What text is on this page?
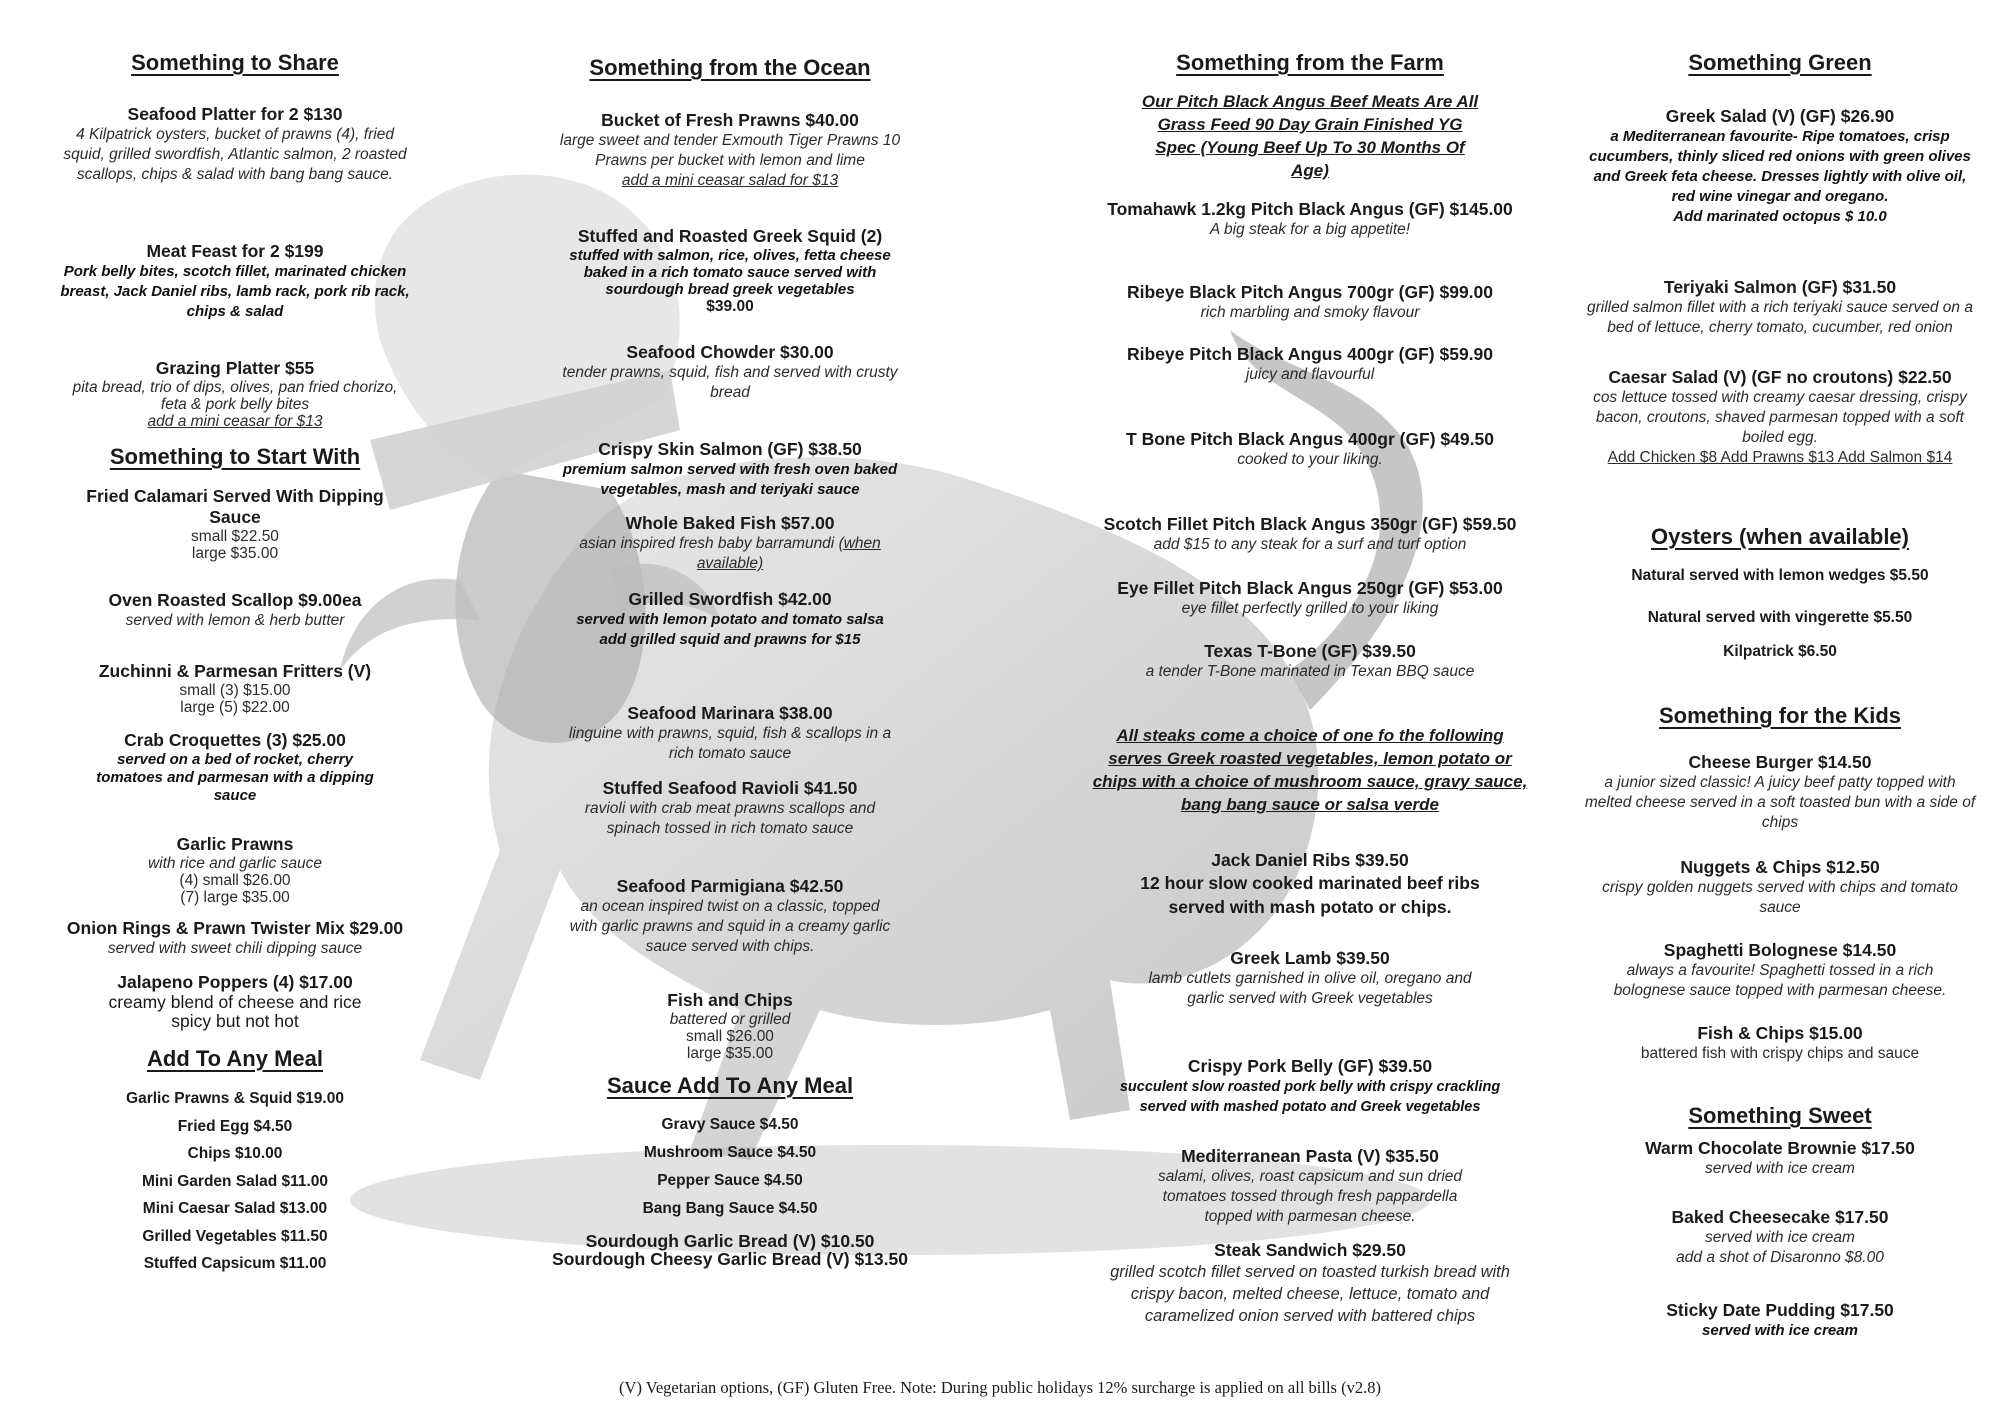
Something to Share
Seafood Platter for 2 $130
4 Kilpatrick oysters, bucket of prawns (4), fried squid, grilled swordfish, Atlantic salmon, 2 roasted scallops, chips & salad with bang bang sauce.
Meat Feast for 2 $199
Pork belly bites, scotch fillet, marinated chicken breast, Jack Daniel ribs, lamb rack, pork rib rack, chips & salad
Grazing Platter $55
pita bread, trio of dips, olives, pan fried chorizo, feta & pork belly bites
add a mini ceasar for $13
Something to Start With
Fried Calamari Served With Dipping Sauce
small $22.50
large $35.00
Oven Roasted Scallop $9.00ea
served with lemon & herb butter
Zuchinni & Parmesan Fritters (V)
small (3) $15.00
large (5) $22.00
Crab Croquettes (3) $25.00
served on a bed of rocket, cherry tomatoes and parmesan with a dipping sauce
Garlic Prawns
with rice and garlic sauce
(4) small $26.00
(7) large $35.00
Onion Rings & Prawn Twister Mix $29.00
served with sweet chili dipping sauce
Jalapeno Poppers (4) $17.00
creamy blend of cheese and rice spicy but not hot
Add To Any Meal
Garlic Prawns & Squid $19.00
Fried Egg $4.50
Chips $10.00
Mini Garden Salad $11.00
Mini Caesar Salad $13.00
Grilled Vegetables $11.50
Stuffed Capsicum $11.00
Something from the Ocean
Bucket of Fresh Prawns $40.00
large sweet and tender Exmouth Tiger Prawns 10 Prawns per bucket with lemon and lime
add a mini ceasar salad for $13
Stuffed and Roasted Greek Squid (2)
stuffed with salmon, rice, olives, fetta cheese baked in a rich tomato sauce served with sourdough bread greek vegetables
$39.00
Seafood Chowder $30.00
tender prawns, squid, fish and served with crusty bread
Crispy Skin Salmon (GF) $38.50
premium salmon served with fresh oven baked vegetables, mash and teriyaki sauce
Whole Baked Fish $57.00
asian inspired fresh baby barramundi (when available)
Grilled Swordfish $42.00
served with lemon potato and tomato salsa
add grilled squid and prawns for $15
Seafood Marinara $38.00
linguine with prawns, squid, fish & scallops in a rich tomato sauce
Stuffed Seafood Ravioli $41.50
ravioli with crab meat prawns scallops and spinach tossed in rich tomato sauce
Seafood Parmigiana $42.50
an ocean inspired twist on a classic, topped with garlic prawns and squid in a creamy garlic sauce served with chips.
Fish and Chips
battered or grilled
small $26.00
large $35.00
Sauce Add To Any Meal
Gravy Sauce $4.50
Mushroom Sauce $4.50
Pepper Sauce $4.50
Bang Bang Sauce $4.50
Sourdough Garlic Bread (V) $10.50
Sourdough Cheesy Garlic Bread (V) $13.50
Something from the Farm
Our Pitch Black Angus Beef Meats Are All Grass Feed 90 Day Grain Finished YG Spec (Young Beef Up To 30 Months Of Age)
Tomahawk 1.2kg Pitch Black Angus (GF) $145.00
A big steak for a big appetite!
Ribeye Black Pitch Angus 700gr (GF) $99.00
rich marbling and smoky flavour
Ribeye Pitch Black Angus 400gr (GF) $59.90
juicy and flavourful
T Bone Pitch Black Angus 400gr (GF) $49.50
cooked to your liking.
Scotch Fillet Pitch Black Angus 350gr (GF) $59.50
add $15 to any steak for a surf and turf option
Eye Fillet Pitch Black Angus 250gr (GF) $53.00
eye fillet perfectly grilled to your liking
Texas T-Bone (GF) $39.50
a tender T-Bone marinated in Texan BBQ sauce
All steaks come a choice of one fo the following serves Greek roasted vegetables, lemon potato or chips with a choice of mushroom sauce, gravy sauce, bang bang sauce or salsa verde
Jack Daniel Ribs $39.50
12 hour slow cooked marinated beef ribs served with mash potato or chips.
Greek Lamb $39.50
lamb cutlets garnished in olive oil, oregano and garlic served with Greek vegetables
Crispy Pork Belly (GF) $39.50
succulent slow roasted pork belly with crispy crackling served with mashed potato and Greek vegetables
Mediterranean Pasta (V) $35.50
salami, olives, roast capsicum and sun dried tomatoes tossed through fresh pappardella topped with parmesan cheese.
Steak Sandwich $29.50
grilled scotch fillet served on toasted turkish bread with crispy bacon, melted cheese, lettuce, tomato and caramelized onion served with battered chips
Something Green
Greek Salad (V) (GF) $26.90
a Mediterranean favourite- Ripe tomatoes, crisp cucumbers, thinly sliced red onions with green olives and Greek feta cheese. Dresses lightly with olive oil, red wine vinegar and oregano.
Add marinated octopus $ 10.0
Teriyaki Salmon (GF) $31.50
grilled salmon fillet with a rich teriyaki sauce served on a bed of lettuce, cherry tomato, cucumber, red onion
Caesar Salad (V) (GF no croutons) $22.50
cos lettuce tossed with creamy caesar dressing, crispy bacon, croutons, shaved parmesan topped with a soft boiled egg.
Add Chicken $8 Add Prawns $13 Add Salmon $14
Oysters (when available)
Natural served with lemon wedges $5.50
Natural served with vingerette $5.50
Kilpatrick $6.50
Something for the Kids
Cheese Burger $14.50
a junior sized classic! A juicy beef patty topped with melted cheese served in a soft toasted bun with a side of chips
Nuggets & Chips $12.50
crispy golden nuggets served with chips and tomato sauce
Spaghetti Bolognese $14.50
always a favourite! Spaghetti tossed in a rich bolognese sauce topped with parmesan cheese.
Fish & Chips $15.00
battered fish with crispy chips and sauce
Something Sweet
Warm Chocolate Brownie $17.50
served with ice cream
Baked Cheesecake $17.50
served with ice cream
add a shot of Disaronno $8.00
Sticky Date Pudding $17.50
served with ice cream
(V) Vegetarian options, (GF) Gluten Free. Note: During public holidays 12% surcharge is applied on all bills (v2.8)
